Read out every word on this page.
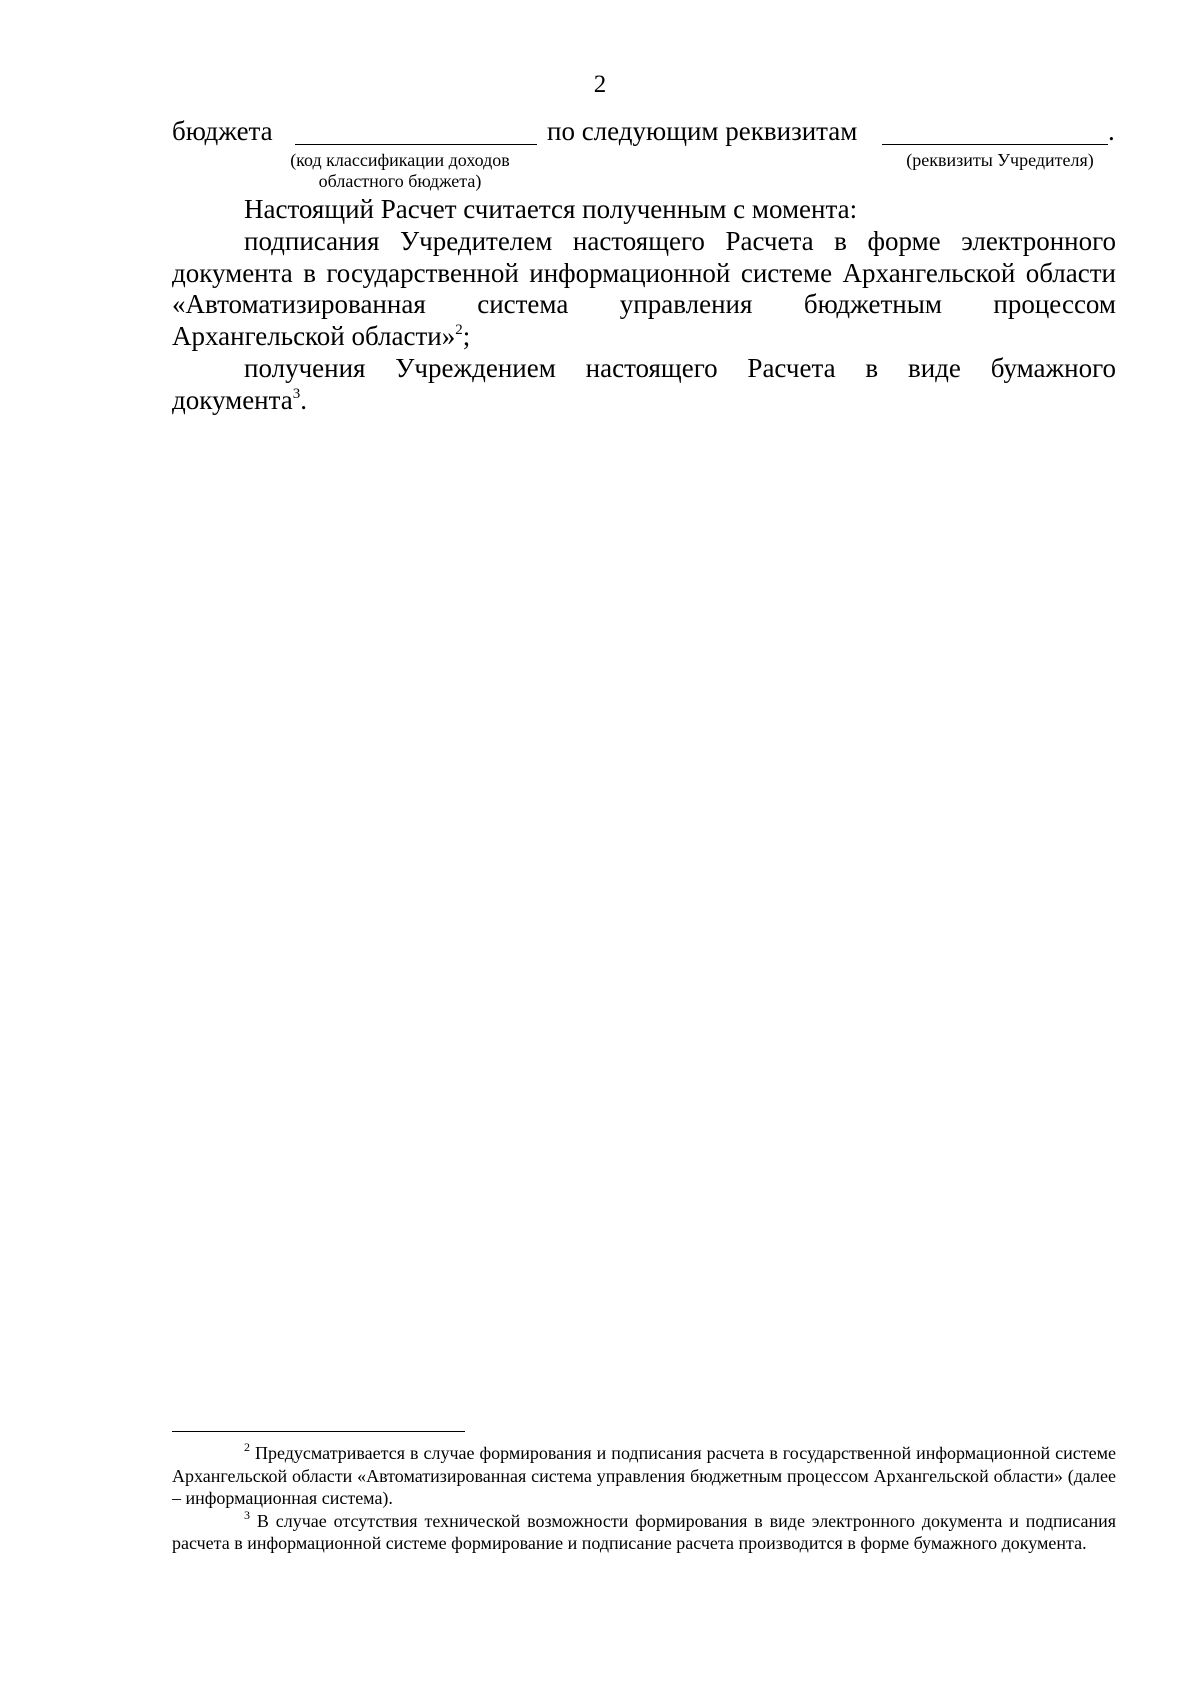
2
бюджета	по следующим реквизитам	.
(код классификации доходов
областного бюджета)
(реквизиты Учредителя)

Настоящий Расчет считается полученным с момента:

подписания Учредителем настоящего Расчета в форме электронного документа в государственной информационной системе Архангельской области «Автоматизированная система управления бюджетным процессом Архангельской области»$^2$;

получения Учреждением настоящего Расчета в виде бумажного документа$^3$.

$^2$ Предусматривается в случае формирования и подписания расчета в государственной информационной системе Архангельской области «Автоматизированная система управления бюджетным процессом Архангельской области» (далее – информационная система).

$^3$ В случае отсутствия технической возможности формирования в виде электронного документа и подписания расчета в информационной системе формирование и подписание расчета производится в форме бумажного документа.
